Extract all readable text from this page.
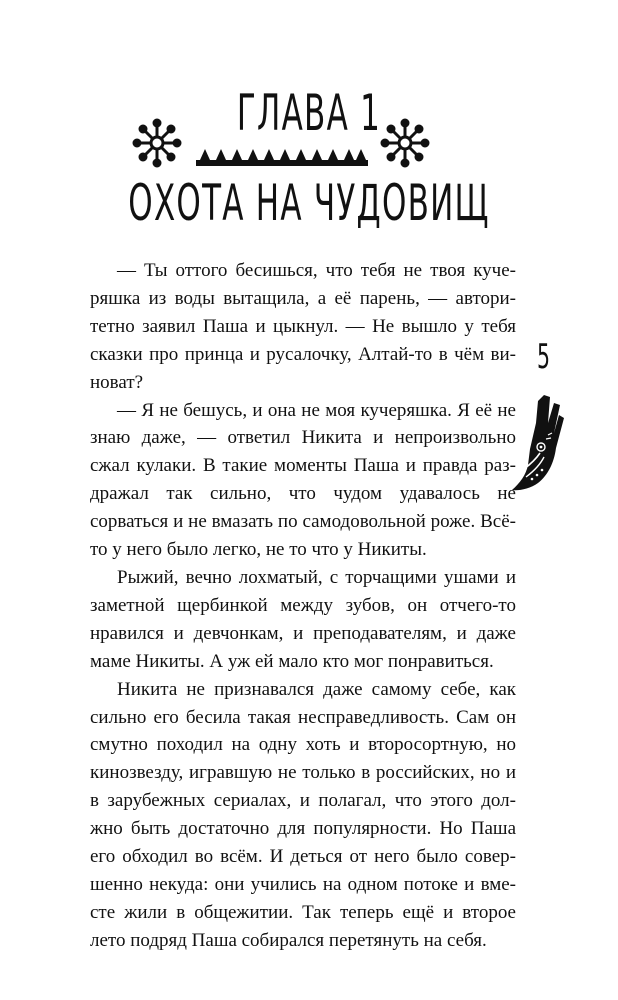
ГЛАВА 1
ОХОТА НА ЧУДОВИЩ

— Ты оттого бесишься, что тебя не твоя кучеряшка из воды вытащила, а её парень, — авторитетно заявил Паша и цыкнул. — Не вышло у тебя сказки про принца и русалочку, Алтай-то в чём виноват?

— Я не бешусь, и она не моя кучеряшка. Я её не знаю даже, — ответил Никита и непроизвольно сжал кулаки. В такие моменты Паша и правда раздражал так сильно, что чудом удавалось не сорваться и не вмазать по самодовольной роже. Всё-то у него было легко, не то что у Никиты.

Рыжий, вечно лохматый, с торчащими ушами и заметной щербинкой между зубов, он отчего-то нравился и девчонкам, и преподавателям, и даже маме Никиты. А уж ей мало кто мог понравиться.

Никита не признавался даже самому себе, как сильно его бесила такая несправедливость. Сам он смутно походил на одну хоть и второсортную, но кинозвезду, игравшую не только в российских, но и в зарубежных сериалах, и полагал, что этого должно быть достаточно для популярности. Но Паша его обходил во всём. И деться от него было совершенно некуда: они учились на одном потоке и вместе жили в общежитии. Так теперь ещё и второе лето подряд Паша собирался перетянуть на себя.

5
